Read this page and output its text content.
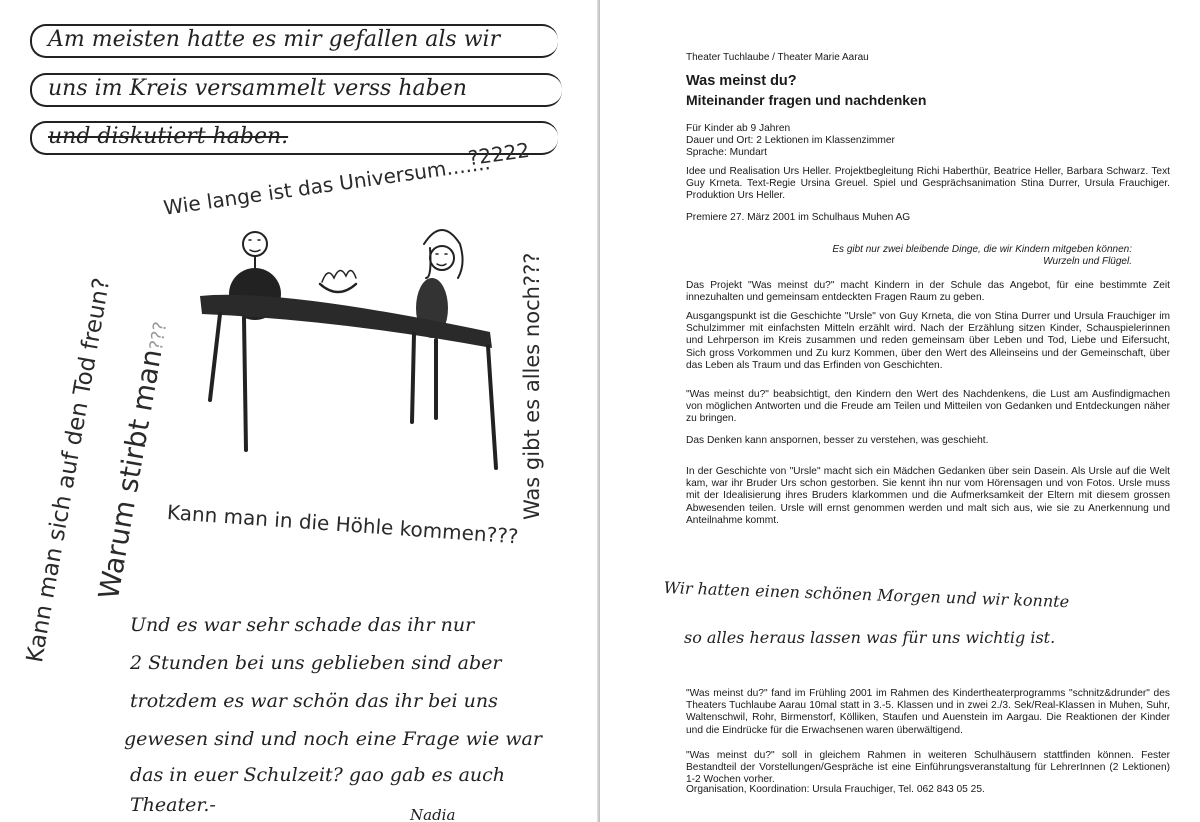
Am meisten hatte es mir gefallen als wir
uns im Kreis versammelt verss haben
und diskutiert haben.
Wie lange ist das Universum.......
?2222
Was gibt es alles noch???
Kann man in die Höhle kommen???
Kann man sich auf den Tod freun?
Warum stirbt man???
Und es war sehr schade das ihr nur
2 Stunden bei uns geblieben sind aber
trotzdem es war schön das ihr bei uns
gewesen sind und noch eine Frage wie war
das in euer Schulzeit? gao gab es auch
Theater.-	Nadia
Theater Tuchlaube / Theater Marie Aarau
Was meinst du?
Miteinander fragen und nachdenken

Für Kinder ab 9 Jahren

Dauer und Ort: 2 Lektionen im Klassenzimmer

Sprache: Mundart

Idee und Realisation Urs Heller. Projektbegleitung Richi Haberthür, Beatrice Heller, Barbara Schwarz. Text Guy Krneta. Text-Regie Ursina Greuel. Spiel und Gesprächsanimation Stina Durrer, Ursula Frauchiger. Produktion Urs Heller.
Premiere 27. März 2001 im Schulhaus Muhen AG
Es gibt nur zwei bleibende Dinge, die wir Kindern mitgeben können:
Wurzeln und Flügel.
Das Projekt "Was meinst du?" macht Kindern in der Schule das Angebot, für eine bestimmte Zeit innezuhalten und gemeinsam entdeckten Fragen Raum zu geben.
Ausgangspunkt ist die Geschichte "Ursle" von Guy Krneta, die von Stina Durrer und Ursula Frauchiger im Schulzimmer mit einfachsten Mitteln erzählt wird. Nach der Erzählung sitzen Kinder, Schauspielerinnen und Lehrperson im Kreis zusammen und reden gemeinsam über Leben und Tod, Liebe und Eifersucht, Sich gross Vorkommen und Zu kurz Kommen, über den Wert des Alleinseins und der Gemeinschaft, über das Leben als Traum und das Erfinden von Geschichten.
"Was meinst du?" beabsichtigt, den Kindern den Wert des Nachdenkens, die Lust am Ausfindigmachen von möglichen Antworten und die Freude am Teilen und Mitteilen von Gedanken und Entdeckungen näher zu bringen.
Das Denken kann anspornen, besser zu verstehen, was geschieht.
In der Geschichte von "Ursle" macht sich ein Mädchen Gedanken über sein Dasein. Als Ursle auf die Welt kam, war ihr Bruder Urs schon gestorben. Sie kennt ihn nur vom Hörensagen und von Fotos. Ursle muss mit der Idealisierung ihres Bruders klarkommen und die Aufmerksamkeit der Eltern mit diesem grossen Abwesenden teilen. Ursle will ernst genommen werden und malt sich aus, wie sie zu Anerkennung und Anteilnahme kommt.
Wir hatten einen schönen Morgen und wir konnte
so alles heraus lassen was für uns wichtig ist.
"Was meinst du?" fand im Frühling 2001 im Rahmen des Kindertheaterprogramms "schnitz&drunder" des Theaters Tuchlaube Aarau 10mal statt in 3.-5. Klassen und in zwei 2./3. Sek/Real-Klassen in Muhen, Suhr, Waltenschwil, Rohr, Birmenstorf, Kölliken, Staufen und Auenstein im Aargau. Die Reaktionen der Kinder und die Eindrücke für die Erwachsenen waren überwältigend.
"Was meinst du?" soll in gleichem Rahmen in weiteren Schulhäusern stattfinden können. Fester Bestandteil der Vorstellungen/Gespräche ist eine Einführungsveranstaltung für LehrerInnen (2 Lektionen) 1-2 Wochen vorher.
Organisation, Koordination: Ursula Frauchiger, Tel. 062 843 05 25.
